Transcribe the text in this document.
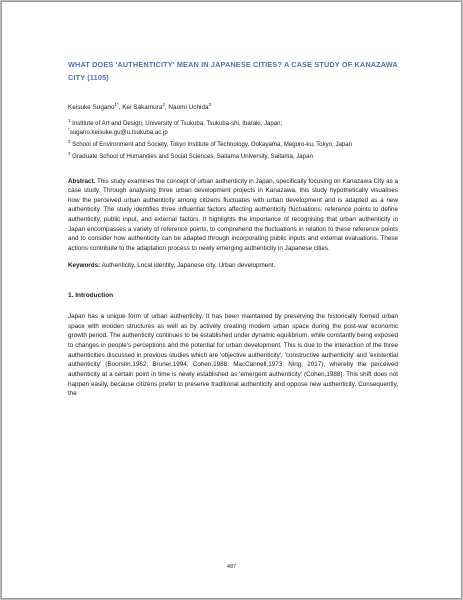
WHAT DOES 'AUTHENTICITY' MEAN IN JAPANESE CITIES? A CASE STUDY OF KANAZAWA CITY (1105)
Keisuke Sugano$^{1*}$, Kei Sakamura$^2$, Naomi Uchida$^3$
$^1$ Institute of Art and Design, University of Tsukuba, Tsukuba-shi, Ibaraki, Japan;
*sugano.keisuke.gu@u.tsukuba.ac.jp
$^2$ School of Environment and Society, Tokyo Institute of Technology, Ookayama, Meguro-ku, Tokyo, Japan
$^3$ Graduate School of Humanities and Social Sciences, Saitama University, Saitama, Japan

Abstract. This study examines the concept of urban authenticity in Japan, specifically focusing on Kanazawa City as a case study. Through analysing three urban development projects in Kanazawa, this study hypothetically visualises how the perceived urban authenticity among citizens fluctuates with urban development and is adapted as a new authenticity. The study identifies three influential factors affecting authenticity fluctuations: reference points to define authenticity, public input, and external factors. It highlights the importance of recognising that urban authenticity in Japan encompasses a variety of reference points, to comprehend the fluctuations in relation to these reference points and to consider how authenticity can be adapted through incorporating public inputs and external evaluations. These actions contribute to the adaptation process to newly emerging authenticity in Japanese cities.

Keywords: Authenticity, Local identity, Japanese city, Urban development.

1. Introduction

Japan has a unique form of urban authenticity. It has been maintained by preserving the historically formed urban space with wooden structures as well as by actively creating modern urban space during the post-war economic growth period. The authenticity continues to be established under dynamic equilibrium, while constantly being exposed to changes in people's perceptions and the potential for urban development. This is due to the interaction of the three authenticities discussed in previous studies which are 'objective authenticity', 'constructive authenticity' and 'existential authenticity' (Boorstin,1962; Bruner,1994; Cohen,1988; MacCannell,1973; Ning, 2017), whereby the perceived authenticity at a certain point in time is newly established as 'emergent authenticity' (Cohen,1988). This shift does not happen easily, because citizens prefer to preserve traditional authenticity and oppose new authenticity. Consequently, the

487
